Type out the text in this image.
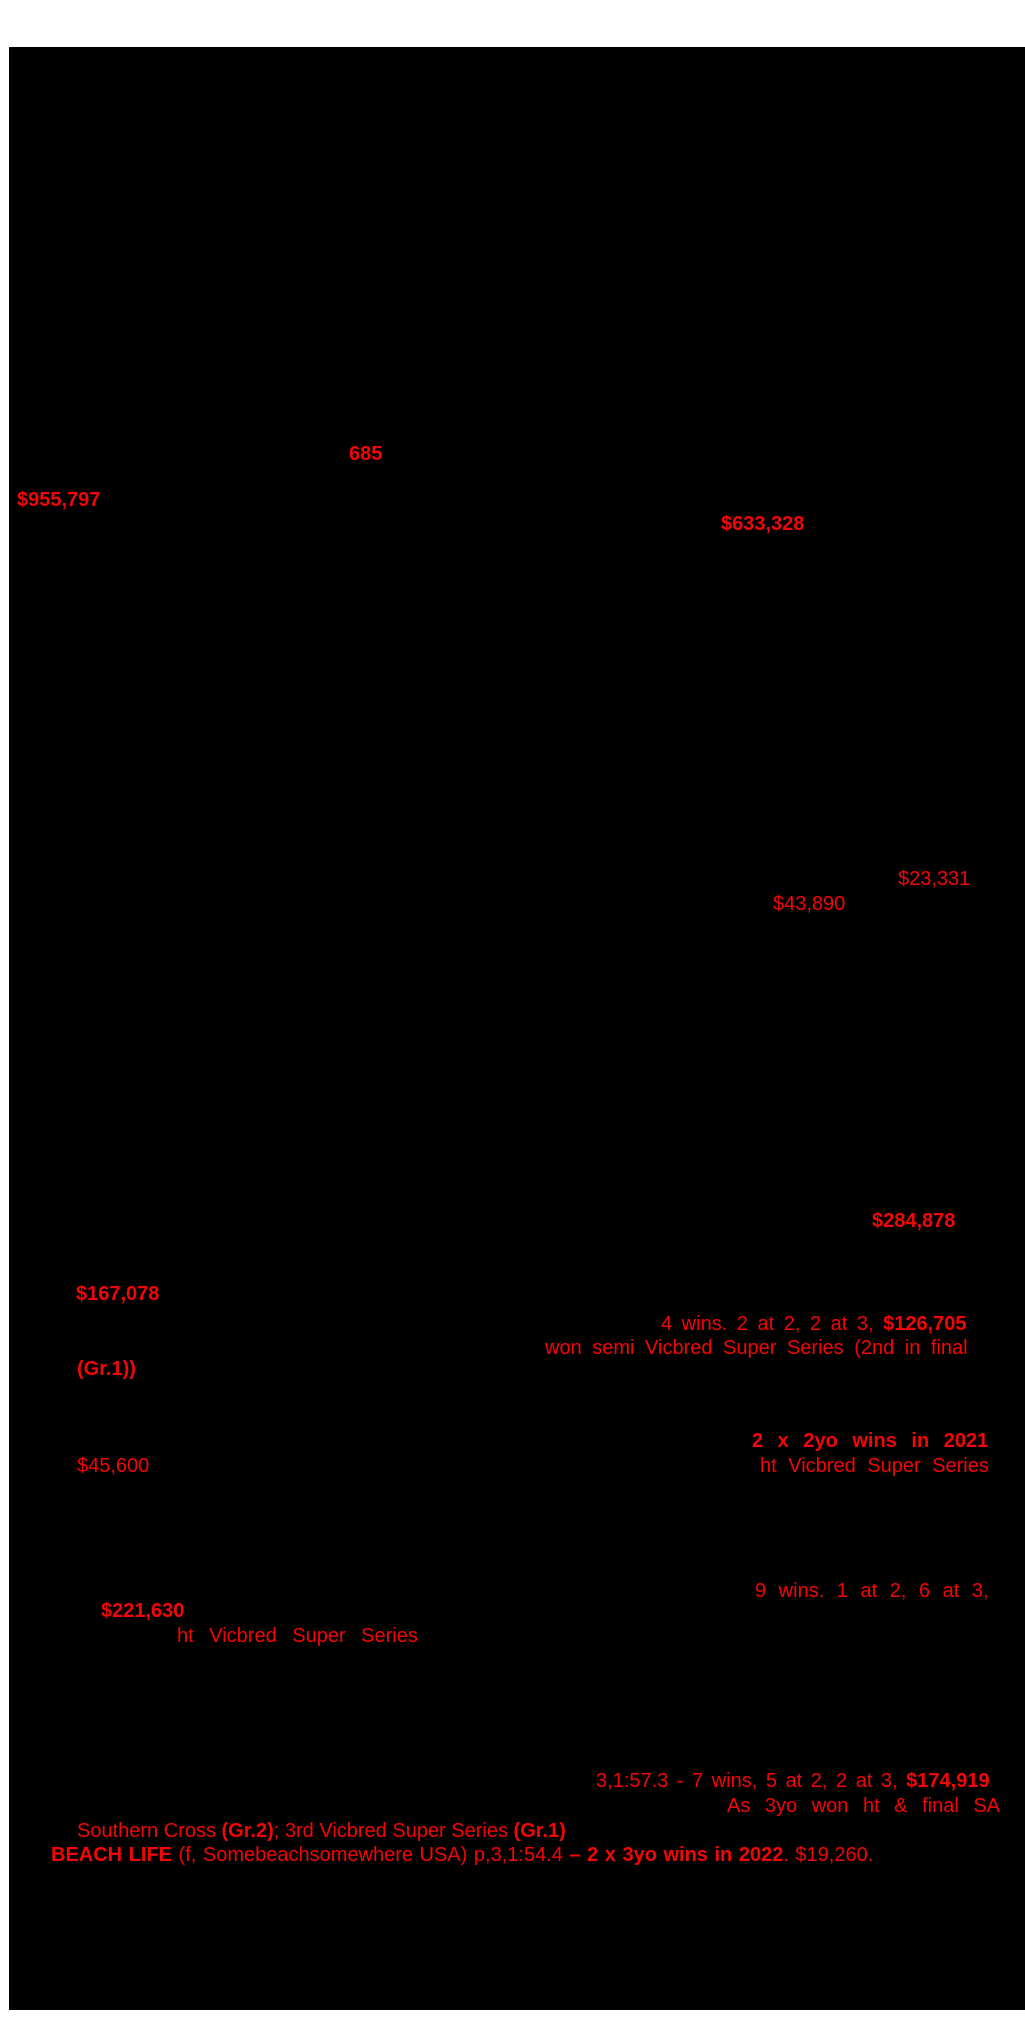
685
$955,797
$633,328
$23,331
$43,890
$284,878
$167,078
4 wins. 2 at 2, 2 at 3, $126,705
won semi Vicbred Super Series (2nd in final
(Gr.1))
2 x 2yo wins in 2021
$45,600	ht Vicbred Super Series
9 wins. 1 at 2, 6 at 3,
$221,630
ht Vicbred Super Series
3,1:57.3 - 7 wins, 5 at 2, 2 at 3, $174,919
As 3yo won ht & final SA
Southern Cross (Gr.2); 3rd Vicbred Super Series (Gr.1)
BEACH LIFE (f, Somebeachsomewhere USA) p,3,1:54.4 – 2 x 3yo wins in 2022. $19,260.
